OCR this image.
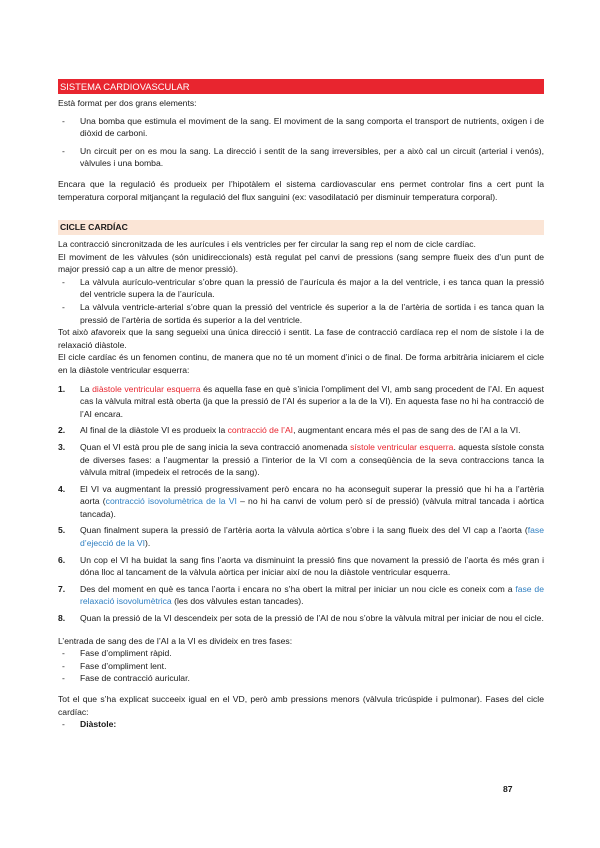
SISTEMA CARDIOVASCULAR

Està format per dos grans elements:

- Una bomba que estimula el moviment de la sang. El moviment de la sang comporta el transport de nutrients, oxigen i de diòxid de carboni.
- Un circuit per on es mou la sang. La direcció i sentit de la sang irreversibles, per a això cal un circuit (arterial i venós), vàlvules i una bomba.

Encara que la regulació és produeix per l’hipotàlem el sistema cardiovascular ens permet controlar fins a cert punt la temperatura corporal mitjançant la regulació del flux sanguini (ex: vasodilatació per disminuir temperatura corporal).

CICLE CARDÍAC

La contracció sincronitzada de les aurícules i els ventricles per fer circular la sang rep el nom de cicle cardíac.

El moviment de les vàlvules (són unidireccionals) està regulat pel canvi de pressions (sang sempre flueix des d’un punt de major pressió cap a un altre de menor pressió).

- La vàlvula aurículo-ventricular s’obre quan la pressió de l’aurícula és major a la del ventricle, i es tanca quan la pressió del ventricle supera la de l’aurícula.
- La vàlvula ventricle-arterial s’obre quan la pressió del ventricle és superior a la de l’artèria de sortida i es tanca quan la pressió de l’artèria de sortida és superior a la del ventricle.

Tot això afavoreix que la sang segueixi una única direcció i sentit. La fase de contracció cardíaca rep el nom de sístole i la de relaxació diàstole.

El cicle cardíac és un fenomen continu, de manera que no té un moment d’inici o de final. De forma arbitrària iniciarem el cicle en la diàstole ventricular esquerra:

1. La diàstole ventricular esquerra és aquella fase en què s’inicia l’ompliment del VI, amb sang procedent de l’AI. En aquest cas la vàlvula mitral està oberta (ja que la pressió de l’AI és superior a la de la VI). En aquesta fase no hi ha contracció de l’AI encara.
2. Al final de la diàstole VI es produeix la contracció de l’AI, augmentant encara més el pas de sang des de l’AI a la VI.
3. Quan el VI està prou ple de sang inicia la seva contracció anomenada sístole ventricular esquerra. aquesta sístole consta de diverses fases: a l’augmentar la pressió a l’interior de la VI com a conseqüència de la seva contraccions tanca la vàlvula mitral (impedeix el retrocés de la sang).
4. El VI va augmentant la pressió progressivament però encara no ha aconseguit superar la pressió que hi ha a l’artèria aorta (contracció isovolumètrica de la VI – no hi ha canvi de volum però sí de pressió) (vàlvula mitral tancada i aòrtica tancada).
5. Quan finalment supera la pressió de l’artèria aorta la vàlvula aòrtica s’obre i la sang flueix des del VI cap a l’aorta (fase d’ejecció de la VI).
6. Un cop el VI ha buidat la sang fins l’aorta va disminuint la pressió fins que novament la pressió de l’aorta és més gran i dóna lloc al tancament de la vàlvula aòrtica per iniciar així de nou la diàstole ventricular esquerra.
7. Des del moment en què es tanca l’aorta i encara no s’ha obert la mitral per iniciar un nou cicle es coneix com a fase de relaxació isovolumètrica (les dos vàlvules estan tancades).
8. Quan la pressió de la VI descendeix per sota de la pressió de l’AI de nou s’obre la vàlvula mitral per iniciar de nou el cicle.

L’entrada de sang des de l’AI a la VI es divideix en tres fases:

- Fase d’ompliment ràpid.
- Fase d’ompliment lent.
- Fase de contracció auricular.

Tot el que s’ha explicat succeeix igual en el VD, però amb pressions menors (vàlvula tricúspide i pulmonar). Fases del cicle cardíac:

- Diàstole:
87
